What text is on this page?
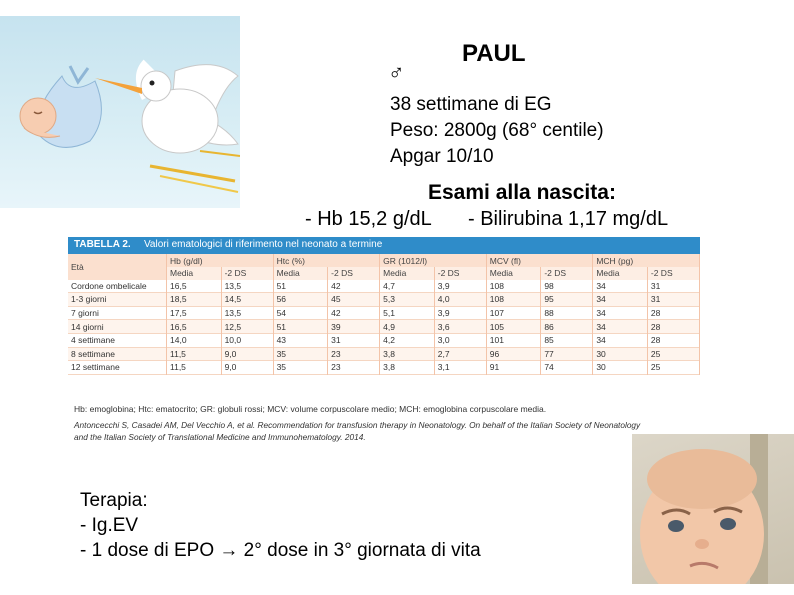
PAUL
♂
38 settimane di EG
Peso: 2800g (68° centile)
Apgar 10/10
Esami alla nascita:
- Hb 15,2 g/dL - Bilirubina 1,17 mg/dL
TABELLA 2. Valori ematologici di riferimento nel neonato a termine
Età	Hb (g/dl)		Htc (%)		GR (1012/l)		MCV (fl)		MCH (pg)	
	Media	-2 DS	Media	-2 DS	Media	-2 DS	Media	-2 DS	Media	-2 DS
Cordone ombelicale	16,5	13,5	51	42	4,7	3,9	108	98	34	31
1-3 giorni	18,5	14,5	56	45	5,3	4,0	108	95	34	31
7 giorni	17,5	13,5	54	42	5,1	3,9	107	88	34	28
14 giorni	16,5	12,5	51	39	4,9	3,6	105	86	34	28
4 settimane	14,0	10,0	43	31	4,2	3,0	101	85	34	28
8 settimane	11,5	9,0	35	23	3,8	2,7	96	77	30	25
12 settimane	11,5	9,0	35	23	3,8	3,1	91	74	30	25
Hb: emoglobina; Htc: ematocrito; GR: globuli rossi; MCV: volume corpuscolare medio; MCH: emoglobina corpuscolare media.
Antoncecchi S, Casadei AM, Del Vecchio A, et al. Recommendation for transfusion therapy in Neonatology. On behalf of the Italian Society of Neonatology
and the Italian Society of Translational Medicine and Immunohematology. 2014.
Terapia:
- Ig.EV
- 1 dose di EPO → 2° dose in 3° giornata di vita
